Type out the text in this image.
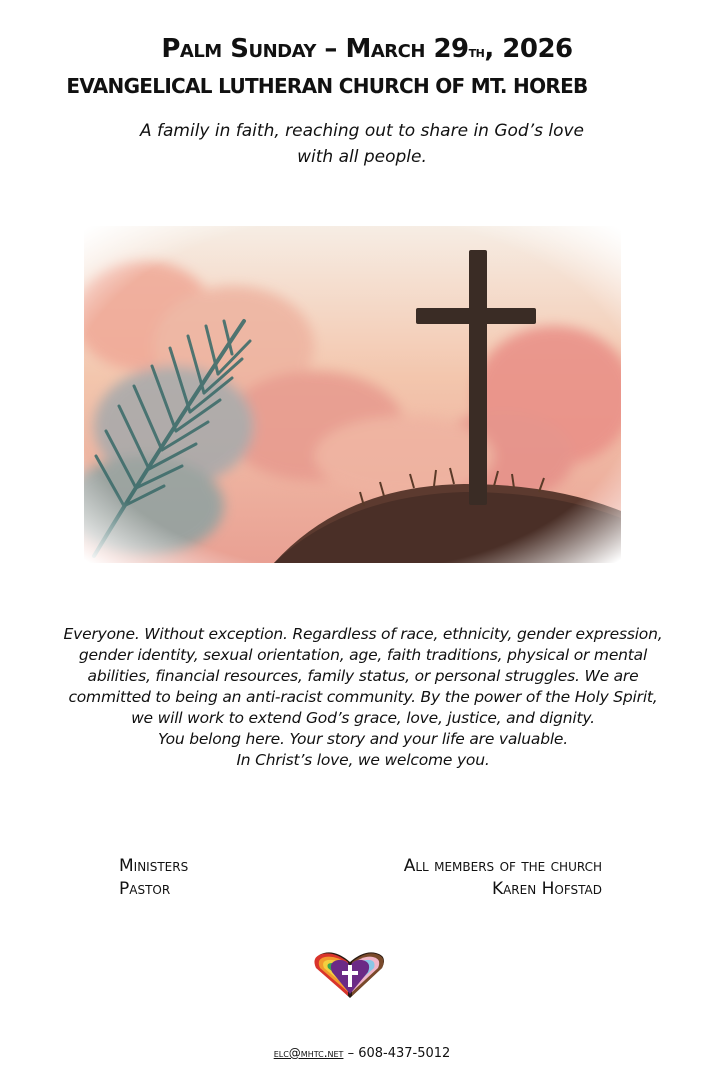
Palm Sunday – March 29th, 2026
EVANGELICAL LUTHERAN CHURCH OF MT. HOREB
A family in faith, reaching out to share in God’s love
with all people.

Everyone. Without exception. Regardless of race, ethnicity, gender expression,

gender identity, sexual orientation, age, faith traditions, physical or mental

abilities, financial resources, family status, or personal struggles. We are

committed to being an anti-racist community. By the power of the Holy Spirit,

we will work to extend God’s grace, love, justice, and dignity.

You belong here. Your story and your life are valuable.

In Christ’s love, we welcome you.

Ministers	All members of the church
Pastor	Karen Hofstad
elc@mhtc.net – 608-437-5012
